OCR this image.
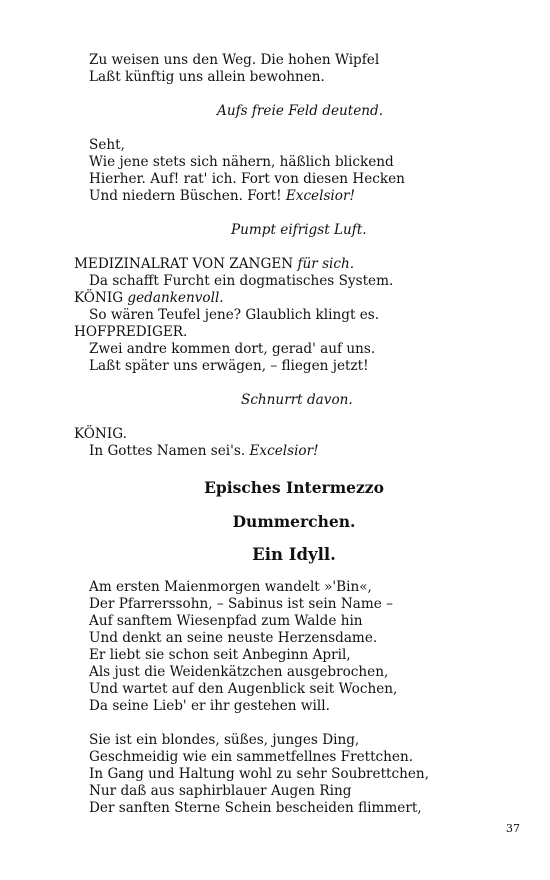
Episches Intermezzo
Dummerchen.
Ein Idyll.
37
Zu weisen uns den Weg. Die hohen Wipfel
Laßt künftig uns allein bewohnen.
Aufs freie Feld deutend.
Seht,
Wie jene stets sich nähern, häßlich blickend
Hierher. Auf! rat' ich. Fort von diesen Hecken
Und niedern Büschen. Fort! Excelsior!
Pumpt eifrigst Luft.
MEDIZINALRAT VON ZANGEN für sich.
Da schafft Furcht ein dogmatisches System.
KÖNIG gedankenvoll.
So wären Teufel jene? Glaublich klingt es.
HOFPREDIGER.
Zwei andre kommen dort, gerad' auf uns.
Laßt später uns erwägen, – fliegen jetzt!
Schnurrt davon.
KÖNIG.
In Gottes Namen sei's. Excelsior!
Am ersten Maienmorgen wandelt »'Bin«,
Der Pfarrerssohn, – Sabinus ist sein Name –
Auf sanftem Wiesenpfad zum Walde hin
Und denkt an seine neuste Herzensdame.
Er liebt sie schon seit Anbeginn April,
Als just die Weidenkätzchen ausgebrochen,
Und wartet auf den Augenblick seit Wochen,
Da seine Lieb' er ihr gestehen will.
Sie ist ein blondes, süßes, junges Ding,
Geschmeidig wie ein sammetfellnes Frettchen.
In Gang und Haltung wohl zu sehr Soubrettchen,
Nur daß aus saphirblauer Augen Ring
Der sanften Sterne Schein bescheiden flimmert,
